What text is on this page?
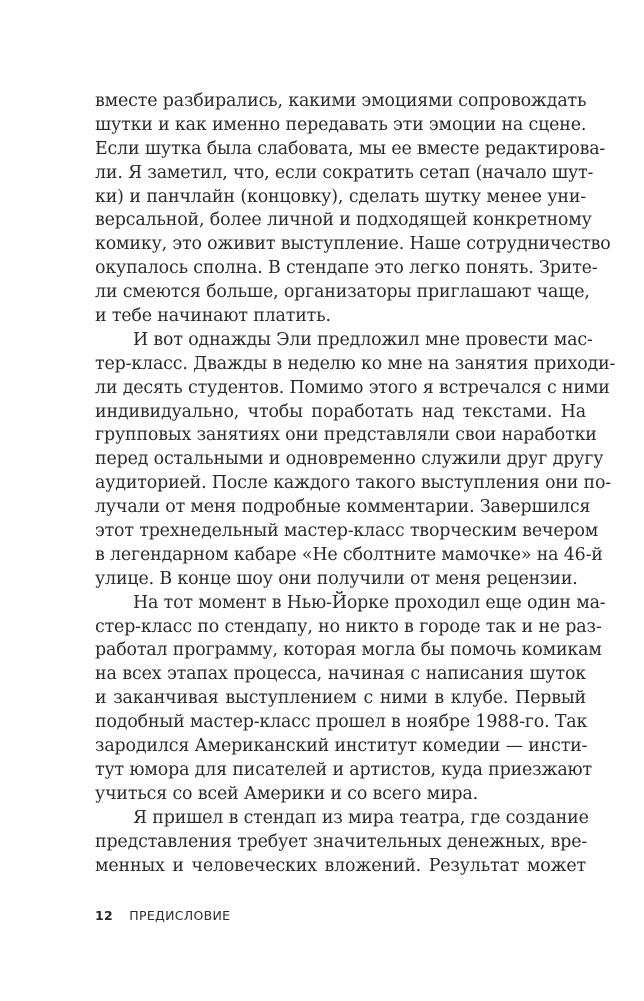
вместе разбирались, какими эмоциями сопровождать
шутки и как именно передавать эти эмоции на сцене.
Если шутка была слабовата, мы ее вместе редактирова-
ли. Я заметил, что, если сократить сетап (начало шут-
ки) и панчлайн (концовку), сделать шутку менее уни-
версальной, более личной и подходящей конкретному
комику, это оживит выступление. Наше сотрудничество
окупалось сполна. В стендапе это легко понять. Зрите-
ли смеются больше, организаторы приглашают чаще,
и тебе начинают платить.
И вот однажды Эли предложил мне провести мас-
тер-класс. Дважды в неделю ко мне на занятия приходи-
ли десять студентов. Помимо этого я встречался с ними
индивидуально, чтобы поработать над текстами. На
групповых занятиях они представляли свои наработки
перед остальными и одновременно служили друг другу
аудиторией. После каждого такого выступления они по-
лучали от меня подробные комментарии. Завершился
этот трехнедельный мастер-класс творческим вечером
в легендарном кабаре «Не сболтните мамочке» на 46-й
улице. В конце шоу они получили от меня рецензии.
На тот момент в Нью-Йорке проходил еще один ма-
стер-класс по стендапу, но никто в городе так и не раз-
работал программу, которая могла бы помочь комикам
на всех этапах процесса, начиная с написания шуток
и заканчивая выступлением с ними в клубе. Первый
подобный мастер-класс прошел в ноябре 1988-го. Так
зародился Американский институт комедии — инсти-
тут юмора для писателей и артистов, куда приезжают
учиться со всей Америки и со всего мира.
Я пришел в стендап из мира театра, где создание
представления требует значительных денежных, вре-
менных и человеческих вложений. Результат может
12 ПРЕДИСЛОВИЕ
